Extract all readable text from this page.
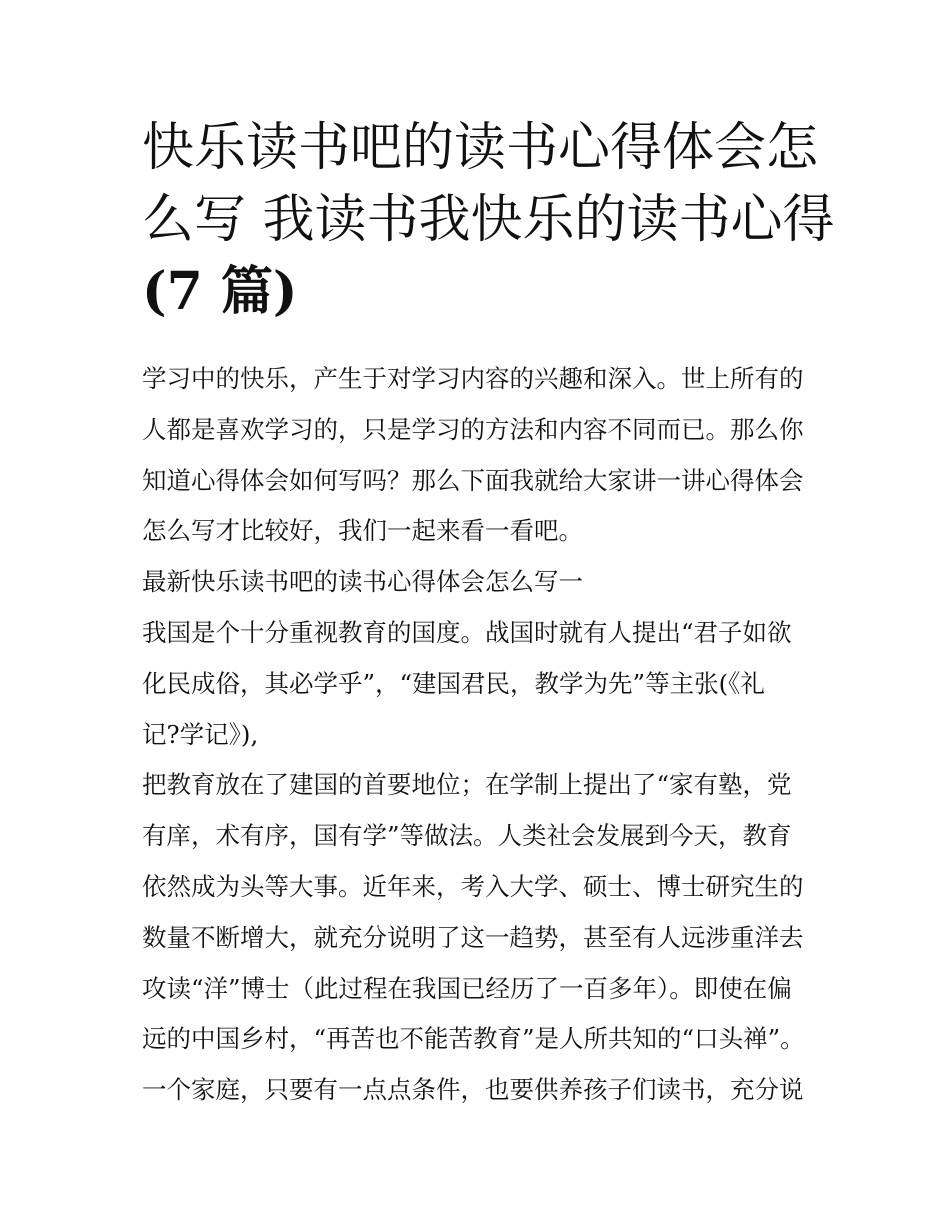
快乐读书吧的读书心得体会怎
么写 我读书我快乐的读书心得
(7 篇)
学习中的快乐，产生于对学习内容的兴趣和深入。世上所有的
人都是喜欢学习的，只是学习的方法和内容不同而已。那么你
知道心得体会如何写吗？那么下面我就给大家讲一讲心得体会
怎么写才比较好，我们一起来看一看吧。
最新快乐读书吧的读书心得体会怎么写一
我国是个十分重视教育的国度。战国时就有人提出“君子如欲
化民成俗，其必学乎”，“建国君民，教学为先”等主张(《礼
记?学记》),
把教育放在了建国的首要地位；在学制上提出了“家有塾，党
有庠，术有序，国有学”等做法。人类社会发展到今天，教育
依然成为头等大事。近年来，考入大学、硕士、博士研究生的
数量不断增大，就充分说明了这一趋势，甚至有人远涉重洋去
攻读“洋”博士（此过程在我国已经历了一百多年）。即使在偏
远的中国乡村，“再苦也不能苦教育”是人所共知的“口头禅”。
一个家庭，只要有一点点条件，也要供养孩子们读书，充分说
